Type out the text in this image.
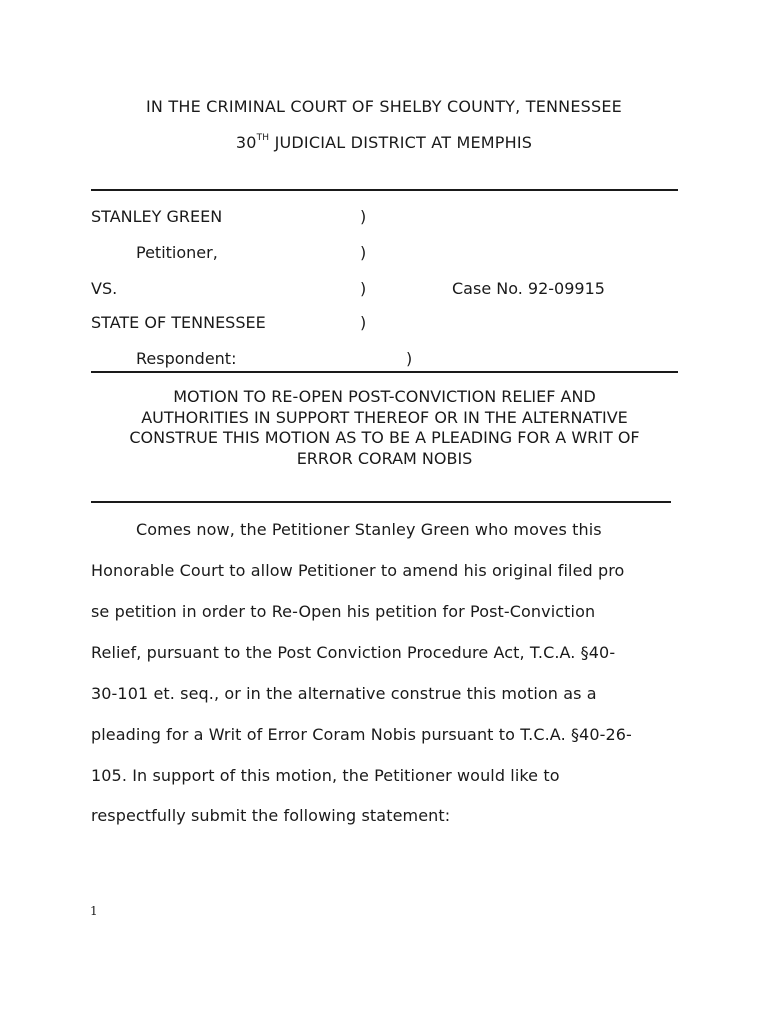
IN THE CRIMINAL COURT OF SHELBY COUNTY, TENNESSEE
30TH JUDICIAL DISTRICT AT MEMPHIS
STANLEY GREEN	)
Petitioner,	)
VS.	)	Case No. 92-09915
STATE OF TENNESSEE	)
Respondent:	)
MOTION TO RE-OPEN POST-CONVICTION RELIEF AND
AUTHORITIES IN SUPPORT THEREOF OR IN THE ALTERNATIVE
CONSTRUE THIS MOTION AS TO BE A PLEADING FOR A WRIT OF
ERROR CORAM NOBIS
Comes now, the Petitioner Stanley Green who moves this
Honorable Court to allow Petitioner to amend his original filed pro
se petition in order to Re-Open his petition for Post-Conviction
Relief, pursuant to the Post Conviction Procedure Act, T.C.A. §40-
30-101 et. seq., or in the alternative construe this motion as a
pleading for a Writ of Error Coram Nobis pursuant to T.C.A. §40-26-
105. In support of this motion, the Petitioner would like to
respectfully submit the following statement:
1
